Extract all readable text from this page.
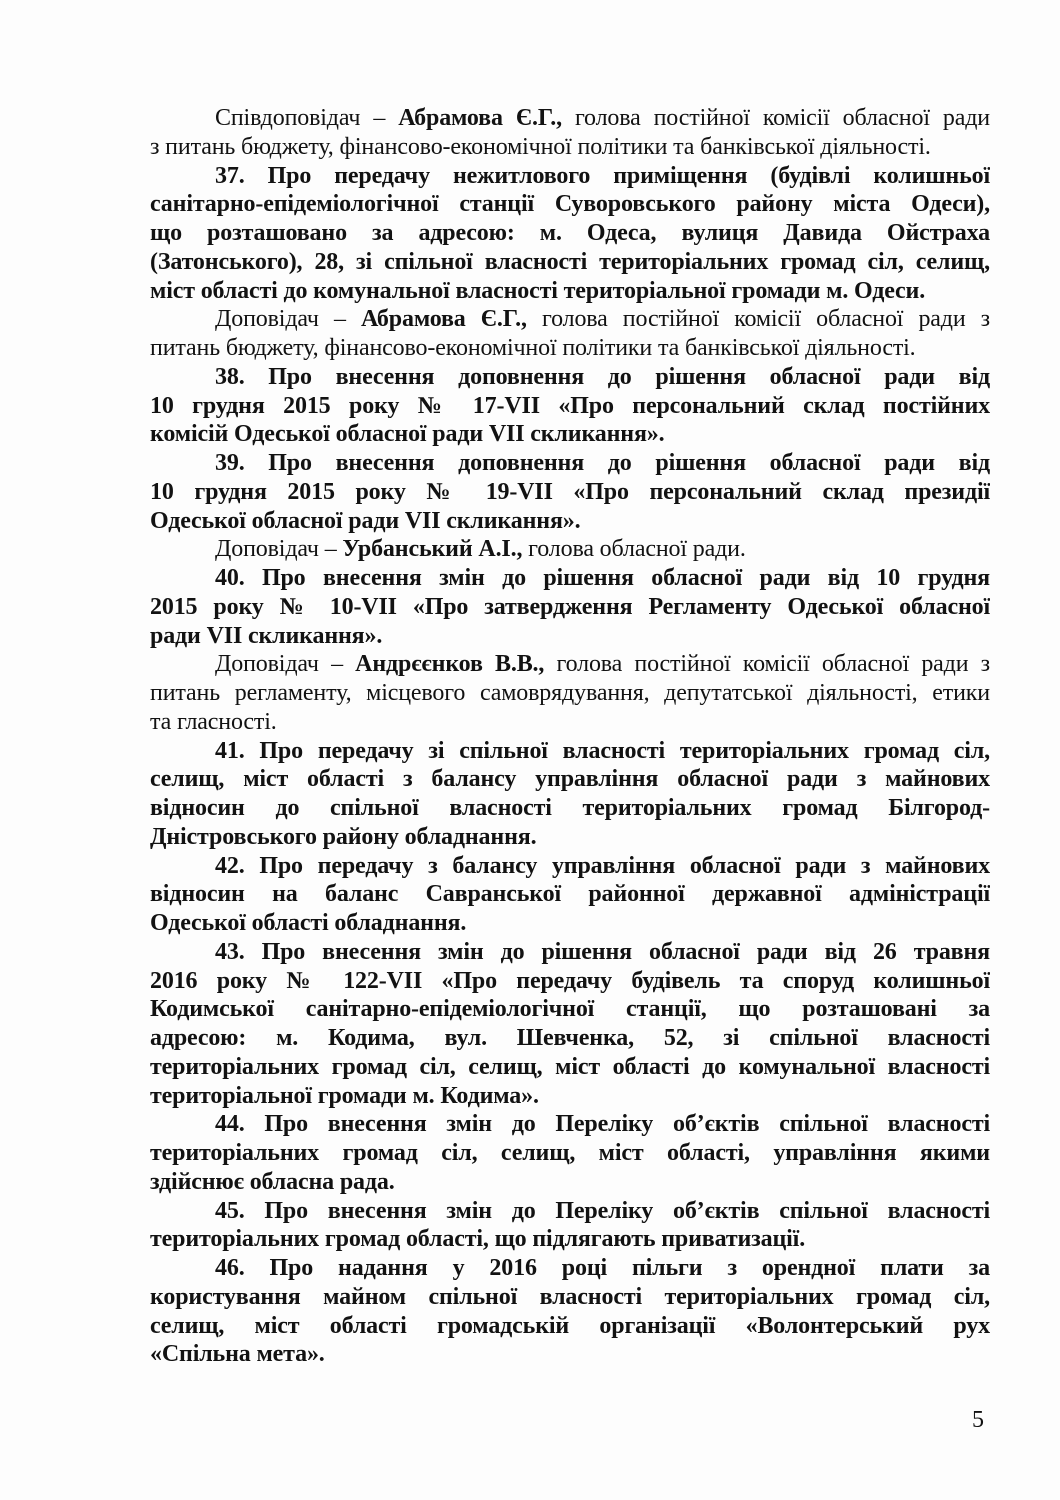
Співдоповідач – Абрамова Є.Г., голова постійної комісії обласної ради
з питань бюджету, фінансово-економічної політики та банківської діяльності.

37. Про передачу нежитлового приміщення (будівлі колишньої
санітарно-епідеміологічної станції Суворовського району міста Одеси),
що розташовано за адресою: м. Одеса, вулиця Давида Ойстраха
(Затонського), 28, зі спільної власності територіальних громад сіл, селищ,
міст області до комунальної власності територіальної громади м. Одеси.

Доповідач – Абрамова Є.Г., голова постійної комісії обласної ради з
питань бюджету, фінансово-економічної політики та банківської діяльності.

38. Про внесення доповнення до рішення обласної ради від
10 грудня 2015 року № 17-VII «Про персональний склад постійних
комісій Одеської обласної ради VII скликання».

39. Про внесення доповнення до рішення обласної ради від
10 грудня 2015 року № 19-VII «Про персональний склад президії
Одеської обласної ради VII скликання».

Доповідач – Урбанський А.І., голова обласної ради.

40. Про внесення змін до рішення обласної ради від 10 грудня
2015 року № 10-VII «Про затвердження Регламенту Одеської обласної
ради VII скликання».

Доповідач – Андрєєнков В.В., голова постійної комісії обласної ради з
питань регламенту, місцевого самоврядування, депутатської діяльності, етики
та гласності.

41. Про передачу зі спільної власності територіальних громад сіл,
селищ, міст області з балансу управління обласної ради з майнових
відносин до спільної власності територіальних громад Білгород-
Дністровського району обладнання.

42. Про передачу з балансу управління обласної ради з майнових
відносин на баланс Савранської районної державної адміністрації
Одеської області обладнання.

43. Про внесення змін до рішення обласної ради від 26 травня
2016 року № 122-VII «Про передачу будівель та споруд колишньої
Кодимської санітарно-епідеміологічної станції, що розташовані за
адресою: м. Кодима, вул. Шевченка, 52, зі спільної власності
територіальних громад сіл, селищ, міст області до комунальної власності
територіальної громади м. Кодима».

44. Про внесення змін до Переліку об’єктів спільної власності
територіальних громад сіл, селищ, міст області, управління якими
здійснює обласна рада.

45. Про внесення змін до Переліку об’єктів спільної власності
територіальних громад області, що підлягають приватизації.

46. Про надання у 2016 році пільги з орендної плати за
користування майном спільної власності територіальних громад сіл,
селищ, міст області громадській організації «Волонтерський рух
«Спільна мета».

5
